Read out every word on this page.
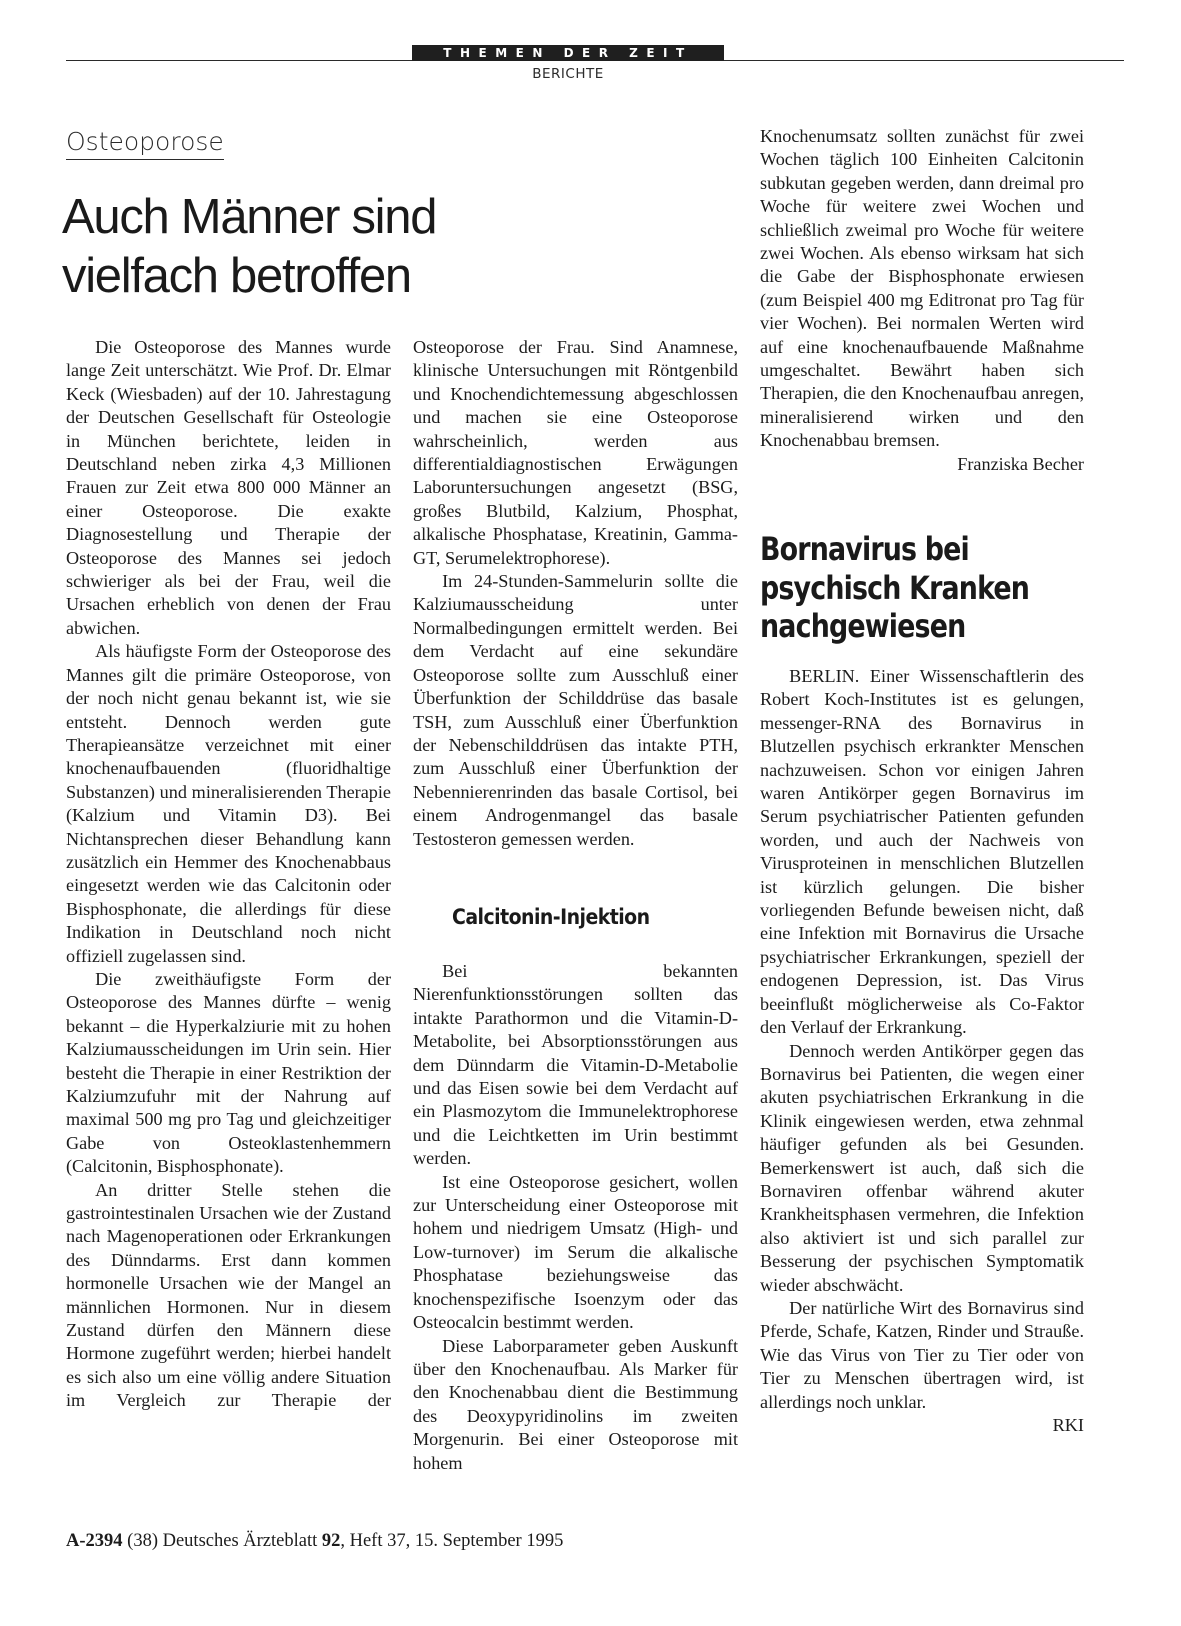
THEMEN DER ZEIT
BERICHTE
Osteoporose
Auch Männer sind vielfach betroffen

Die Osteoporose des Mannes wurde lange Zeit unterschätzt. Wie Prof. Dr. Elmar Keck (Wiesbaden) auf der 10. Jahrestagung der Deutschen Gesellschaft für Osteologie in München berichtete, leiden in Deutschland neben zirka 4,3 Millionen Frauen zur Zeit etwa 800 000 Männer an einer Osteoporose. Die exakte Diagnosestellung und Therapie der Osteoporose des Mannes sei jedoch schwieriger als bei der Frau, weil die Ursachen erheblich von denen der Frau abwichen.

Als häufigste Form der Osteoporose des Mannes gilt die primäre Osteoporose, von der noch nicht genau bekannt ist, wie sie entsteht. Dennoch werden gute Therapieansätze verzeichnet mit einer knochenaufbauenden (fluoridhaltige Substanzen) und mineralisierenden Therapie (Kalzium und Vitamin D3). Bei Nichtansprechen dieser Behandlung kann zusätzlich ein Hemmer des Knochenabbaus eingesetzt werden wie das Calcitonin oder Bisphosphonate, die allerdings für diese Indikation in Deutschland noch nicht offiziell zugelassen sind.

Die zweithäufigste Form der Osteoporose des Mannes dürfte – wenig bekannt – die Hyperkalziurie mit zu hohen Kalziumausscheidungen im Urin sein. Hier besteht die Therapie in einer Restriktion der Kalziumzufuhr mit der Nahrung auf maximal 500 mg pro Tag und gleichzeitiger Gabe von Osteoklastenhemmern (Calcitonin, Bisphosphonate).

An dritter Stelle stehen die gastrointestinalen Ursachen wie der Zustand nach Magenoperationen oder Erkrankungen des Dünndarms. Erst dann kommen hormonelle Ursachen wie der Mangel an männlichen Hormonen. Nur in diesem Zustand dürfen den Männern diese Hormone zugeführt werden; hierbei handelt es sich also um eine völlig andere Situation im Vergleich zur Therapie der

Osteoporose der Frau. Sind Anamnese, klinische Untersuchungen mit Röntgenbild und Knochendichtemessung abgeschlossen und machen sie eine Osteoporose wahrscheinlich, werden aus differentialdiagnostischen Erwägungen Laboruntersuchungen angesetzt (BSG, großes Blutbild, Kalzium, Phosphat, alkalische Phosphatase, Kreatinin, Gamma-GT, Serumelektrophorese).

Im 24-Stunden-Sammelurin sollte die Kalziumausscheidung unter Normalbedingungen ermittelt werden. Bei dem Verdacht auf eine sekundäre Osteoporose sollte zum Ausschluß einer Überfunktion der Schilddrüse das basale TSH, zum Ausschluß einer Überfunktion der Nebenschilddrüsen das intakte PTH, zum Ausschluß einer Überfunktion der Nebennierenrinden das basale Cortisol, bei einem Androgenmangel das basale Testosteron gemessen werden.

Calcitonin-Injektion

Bei bekannten Nierenfunktionsstörungen sollten das intakte Parathormon und die Vitamin-D-Metabolite, bei Absorptionsstörungen aus dem Dünndarm die Vitamin-D-Metabolie und das Eisen sowie bei dem Verdacht auf ein Plasmozytom die Immunelektrophorese und die Leichtketten im Urin bestimmt werden.

Ist eine Osteoporose gesichert, wollen zur Unterscheidung einer Osteoporose mit hohem und niedrigem Umsatz (High- und Low-turnover) im Serum die alkalische Phosphatase beziehungsweise das knochenspezifische Isoenzym oder das Osteocalcin bestimmt werden.

Diese Laborparameter geben Auskunft über den Knochenaufbau. Als Marker für den Knochenabbau dient die Bestimmung des Deoxypyridinolins im zweiten Morgenurin. Bei einer Osteoporose mit hohem

Knochenumsatz sollten zunächst für zwei Wochen täglich 100 Einheiten Calcitonin subkutan gegeben werden, dann dreimal pro Woche für weitere zwei Wochen und schließlich zweimal pro Woche für weitere zwei Wochen. Als ebenso wirksam hat sich die Gabe der Bisphosphonate erwiesen (zum Beispiel 400 mg Editronat pro Tag für vier Wochen). Bei normalen Werten wird auf eine knochenaufbauende Maßnahme umgeschaltet. Bewährt haben sich Therapien, die den Knochenaufbau anregen, mineralisierend wirken und den Knochenabbau bremsen.

Franziska Becher
Bornavirus bei psychisch Kranken nachgewiesen

BERLIN. Einer Wissenschaftlerin des Robert Koch-Institutes ist es gelungen, messenger-RNA des Bornavirus in Blutzellen psychisch erkrankter Menschen nachzuweisen. Schon vor einigen Jahren waren Antikörper gegen Bornavirus im Serum psychiatrischer Patienten gefunden worden, und auch der Nachweis von Virusproteinen in menschlichen Blutzellen ist kürzlich gelungen. Die bisher vorliegenden Befunde beweisen nicht, daß eine Infektion mit Bornavirus die Ursache psychiatrischer Erkrankungen, speziell der endogenen Depression, ist. Das Virus beeinflußt möglicherweise als Co-Faktor den Verlauf der Erkrankung.

Dennoch werden Antikörper gegen das Bornavirus bei Patienten, die wegen einer akuten psychiatrischen Erkrankung in die Klinik eingewiesen werden, etwa zehnmal häufiger gefunden als bei Gesunden. Bemerkenswert ist auch, daß sich die Bornaviren offenbar während akuter Krankheitsphasen vermehren, die Infektion also aktiviert ist und sich parallel zur Besserung der psychischen Symptomatik wieder abschwächt.

Der natürliche Wirt des Bornavirus sind Pferde, Schafe, Katzen, Rinder und Strauße. Wie das Virus von Tier zu Tier oder von Tier zu Menschen übertragen wird, ist allerdings noch unklar.

RKI
A-2394 (38) Deutsches Ärzteblatt 92, Heft 37, 15. September 1995
